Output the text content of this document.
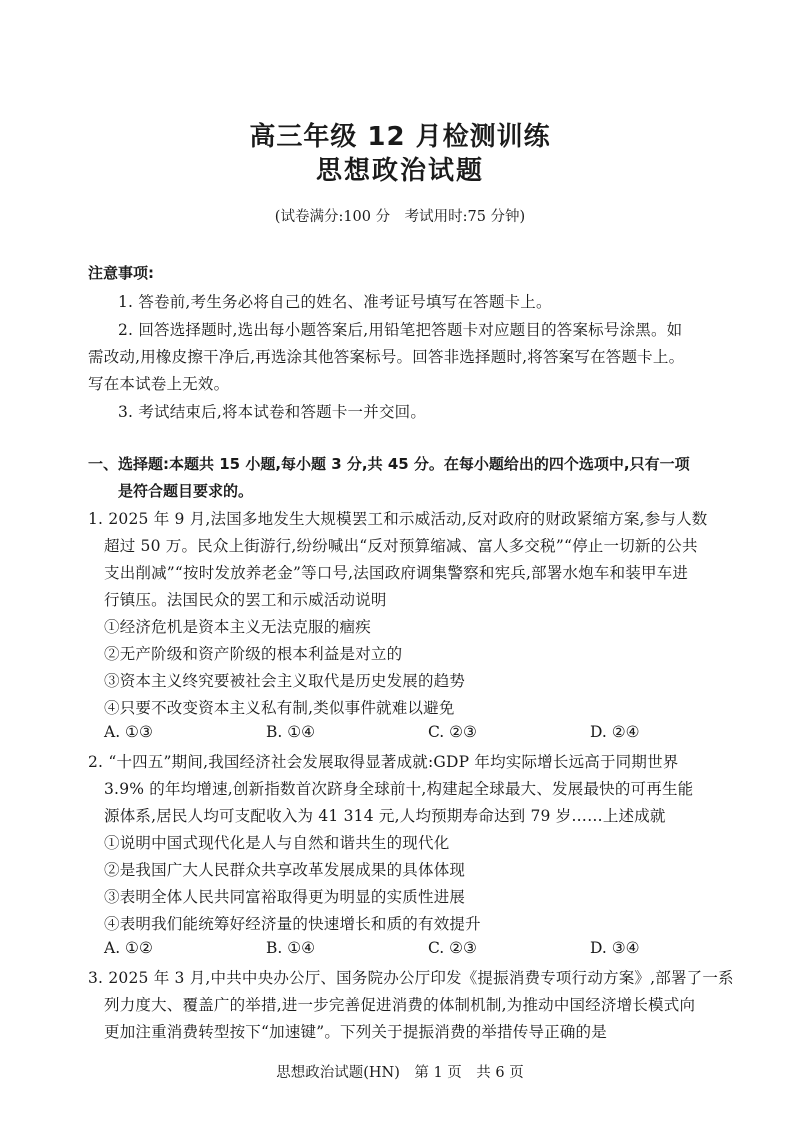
高三年级 12 月检测训练
思想政治试题
(试卷满分:100 分　考试用时:75 分钟)
注意事项:
1. 答卷前,考生务必将自己的姓名、准考证号填写在答题卡上。
2. 回答选择题时,选出每小题答案后,用铅笔把答题卡对应题目的答案标号涂黑。如
需改动,用橡皮擦干净后,再选涂其他答案标号。回答非选择题时,将答案写在答题卡上。
写在本试卷上无效。
3. 考试结束后,将本试卷和答题卡一并交回。
一、选择题:本题共 15 小题,每小题 3 分,共 45 分。在每小题给出的四个选项中,只有一项
是符合题目要求的。
1. 2025 年 9 月,法国多地发生大规模罢工和示威活动,反对政府的财政紧缩方案,参与人数
超过 50 万。民众上街游行,纷纷喊出“反对预算缩减、富人多交税”“停止一切新的公共
支出削减”“按时发放养老金”等口号,法国政府调集警察和宪兵,部署水炮车和装甲车进
行镇压。法国民众的罢工和示威活动说明
①经济危机是资本主义无法克服的痼疾
②无产阶级和资产阶级的根本利益是对立的
③资本主义终究要被社会主义取代是历史发展的趋势
④只要不改变资本主义私有制,类似事件就难以避免
A. ①③	B. ①④	C. ②③	D. ②④
2. “十四五”期间,我国经济社会发展取得显著成就:GDP 年均实际增长远高于同期世界
3.9% 的年均增速,创新指数首次跻身全球前十,构建起全球最大、发展最快的可再生能
源体系,居民人均可支配收入为 41 314 元,人均预期寿命达到 79 岁……上述成就
①说明中国式现代化是人与自然和谐共生的现代化
②是我国广大人民群众共享改革发展成果的具体体现
③表明全体人民共同富裕取得更为明显的实质性进展
④表明我们能统筹好经济量的快速增长和质的有效提升
A. ①②	B. ①④	C. ②③	D. ③④
3. 2025 年 3 月,中共中央办公厅、国务院办公厅印发《提振消费专项行动方案》,部署了一系
列力度大、覆盖广的举措,进一步完善促进消费的体制机制,为推动中国经济增长模式向
更加注重消费转型按下“加速键”。下列关于提振消费的举措传导正确的是
思想政治试题(HN)　第 1 页　共 6 页
